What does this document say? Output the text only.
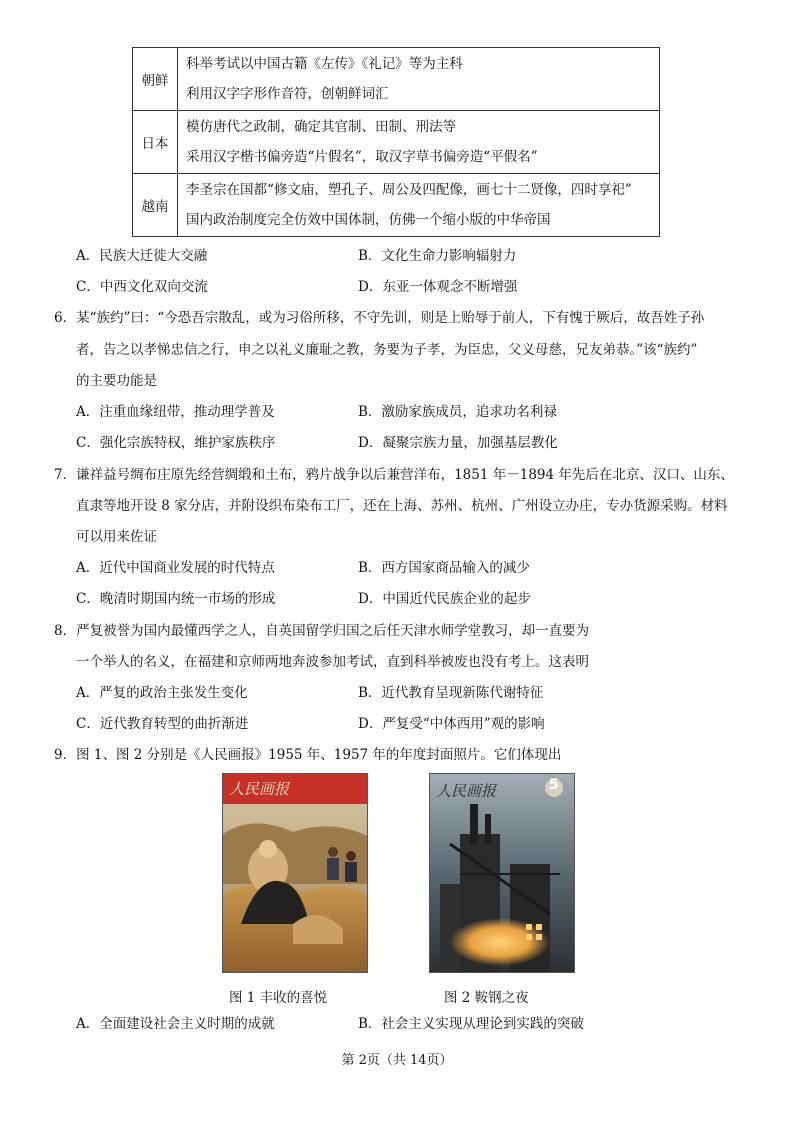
朝鲜	科举考试以中国古籍《左传》《礼记》等为主科
利用汉字字形作音符，创朝鲜词汇

日本	模仿唐代之政制，确定其官制、田制、刑法等
采用汉字楷书偏旁造“片假名”，取汉字草书偏旁造“平假名”

越南	李圣宗在国都“修文庙，塑孔子、周公及四配像，画七十二贤像，四时享祀”
国内政治制度完全仿效中国体制，仿佛一个缩小版的中华帝国
A．民族大迁徙大交融	B．文化生命力影响辐射力
C．中西文化双向交流	D．东亚一体观念不断增强
6．某“族约”曰：“今恐吾宗散乱，或为习俗所移，不守先训，则是上贻辱于前人，下有愧于厥后，故吾姓子孙
者，告之以孝悌忠信之行，申之以礼义廉耻之教，务要为子孝，为臣忠，父义母慈，兄友弟恭。”该“族约”
的主要功能是
A．注重血缘纽带，推动理学普及	B．激励家族成员，追求功名利禄
C．强化宗族特权，维护家族秩序	D．凝聚宗族力量，加强基层教化
7．谦祥益号绸布庄原先经营绸缎和土布，鸦片战争以后兼营洋布，1851 年－1894 年先后在北京、汉口、山东、
直隶等地开设 8 家分店，并附设织布染布工厂，还在上海、苏州、杭州、广州设立办庄，专办货源采购。材料
可以用来佐证
A．近代中国商业发展的时代特点	B．西方国家商品输入的减少
C．晚清时期国内统一市场的形成	D．中国近代民族企业的起步
8．严复被誉为国内最懂西学之人，自英国留学归国之后任天津水师学堂教习，却一直要为
一个举人的名义，在福建和京师两地奔波参加考试，直到科举被废也没有考上。这表明
A．严复的政治主张发生变化	B．近代教育呈现新陈代谢特征
C．近代教育转型的曲折渐进	D．严复受“中体西用”观的影响
9．图 1、图 2 分别是《人民画报》1955 年、1957 年的年度封面照片。它们体现出
人民画报	人民画报	5
图 1 丰收的喜悦	图 2 鞍钢之夜
A．全面建设社会主义时期的成就	B．社会主义实现从理论到实践的突破
第 2页（共 14页）
